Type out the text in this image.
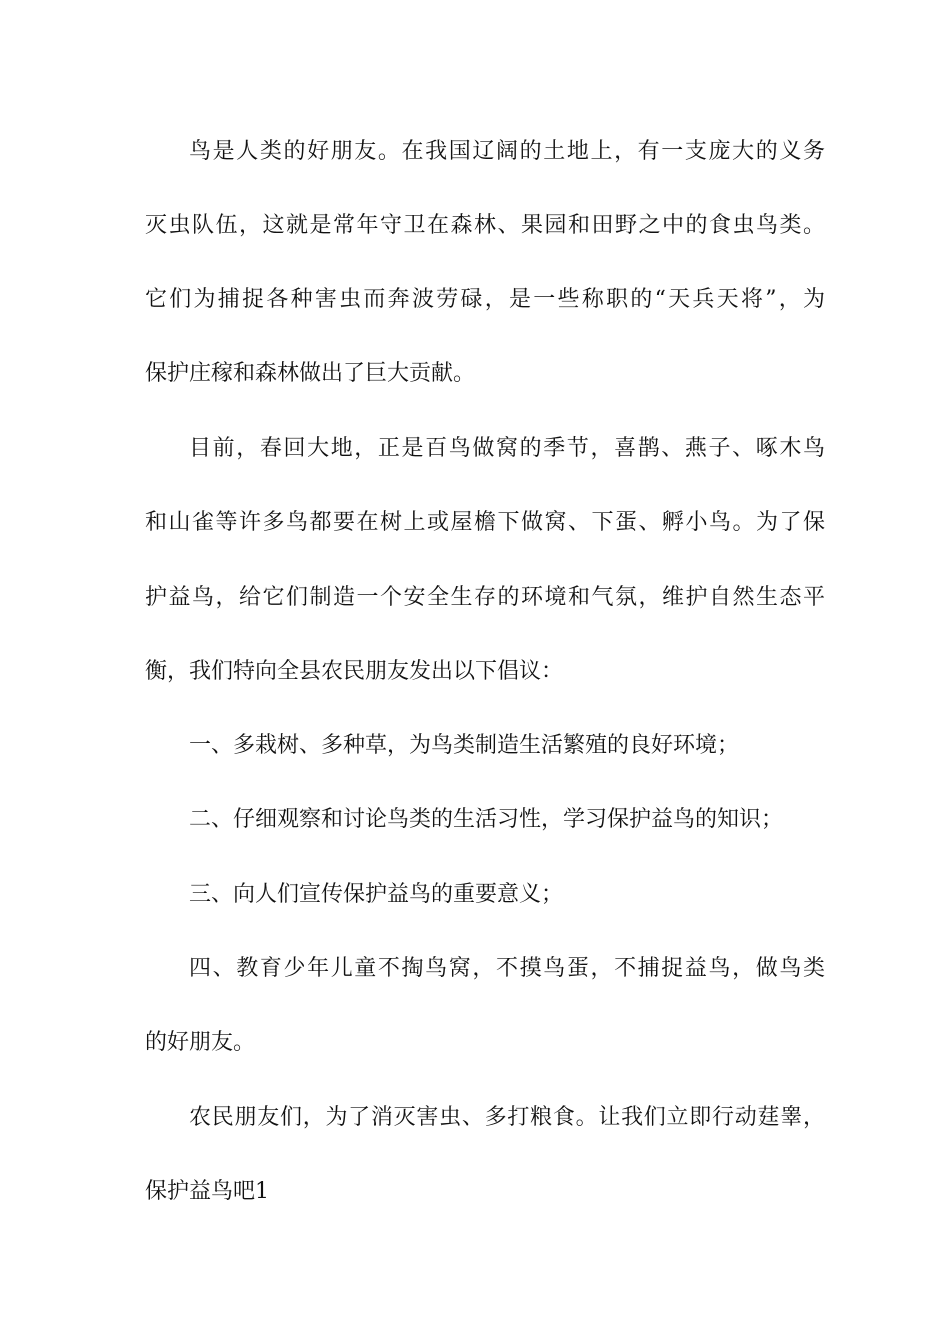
鸟是人类的好朋友。在我国辽阔的土地上，有一支庞大的义务
灭虫队伍，这就是常年守卫在森林、果园和田野之中的食虫鸟类。
它们为捕捉各种害虫而奔波劳碌，是一些称职的“天兵天将”，为
保护庄稼和森林做出了巨大贡献。
目前，春回大地，正是百鸟做窝的季节，喜鹊、燕子、啄木鸟
和山雀等许多鸟都要在树上或屋檐下做窝、下蛋、孵小鸟。为了保
护益鸟，给它们制造一个安全生存的环境和气氛，维护自然生态平
衡，我们特向全县农民朋友发出以下倡议：
一、多栽树、多种草，为鸟类制造生活繁殖的良好环境；
二、仔细观察和讨论鸟类的生活习性，学习保护益鸟的知识；
三、向人们宣传保护益鸟的重要意义；
四、教育少年儿童不掏鸟窝，不摸鸟蛋，不捕捉益鸟，做鸟类
的好朋友。
农民朋友们，为了消灭害虫、多打粮食。让我们立即行动莛睾，
保护益鸟吧1
